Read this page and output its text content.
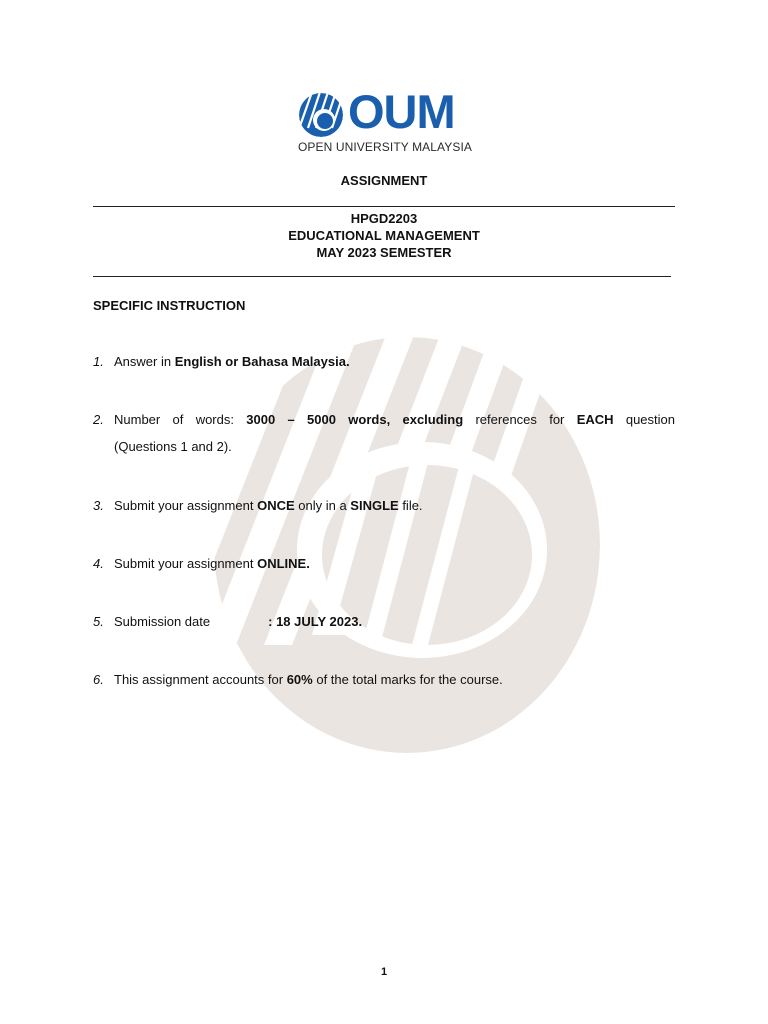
OUM
OPEN UNIVERSITY MALAYSIA
ASSIGNMENT
HPGD2203
EDUCATIONAL MANAGEMENT
MAY 2023 SEMESTER
SPECIFIC INSTRUCTION
1. Answer in English or Bahasa Malaysia.
2. Number of words: 3000 – 5000 words, excluding references for EACH question
(Questions 1 and 2).
3. Submit your assignment ONCE only in a SINGLE file.
4. Submit your assignment ONLINE.
5. Submission date	: 18 JULY 2023.
6. This assignment accounts for 60% of the total marks for the course.
1
